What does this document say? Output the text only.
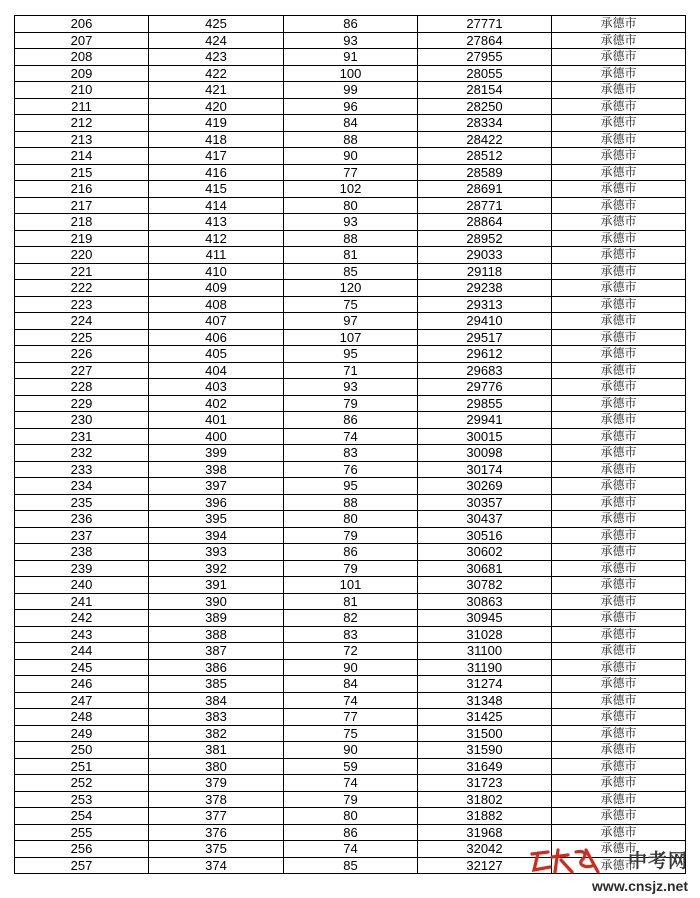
206	425	86	27771	承德市
207	424	93	27864	承德市
208	423	91	27955	承德市
209	422	100	28055	承德市
210	421	99	28154	承德市
211	420	96	28250	承德市
212	419	84	28334	承德市
213	418	88	28422	承德市
214	417	90	28512	承德市
215	416	77	28589	承德市
216	415	102	28691	承德市
217	414	80	28771	承德市
218	413	93	28864	承德市
219	412	88	28952	承德市
220	411	81	29033	承德市
221	410	85	29118	承德市
222	409	120	29238	承德市
223	408	75	29313	承德市
224	407	97	29410	承德市
225	406	107	29517	承德市
226	405	95	29612	承德市
227	404	71	29683	承德市
228	403	93	29776	承德市
229	402	79	29855	承德市
230	401	86	29941	承德市
231	400	74	30015	承德市
232	399	83	30098	承德市
233	398	76	30174	承德市
234	397	95	30269	承德市
235	396	88	30357	承德市
236	395	80	30437	承德市
237	394	79	30516	承德市
238	393	86	30602	承德市
239	392	79	30681	承德市
240	391	101	30782	承德市
241	390	81	30863	承德市
242	389	82	30945	承德市
243	388	83	31028	承德市
244	387	72	31100	承德市
245	386	90	31190	承德市
246	385	84	31274	承德市
247	384	74	31348	承德市
248	383	77	31425	承德市
249	382	75	31500	承德市
250	381	90	31590	承德市
251	380	59	31649	承德市
252	379	74	31723	承德市
253	378	79	31802	承德市
254	377	80	31882	承德市
255	376	86	31968	承德市
256	375	74	32042	承德市
257	374	85	32127	承德市
中考网
www.cnsjz.net
